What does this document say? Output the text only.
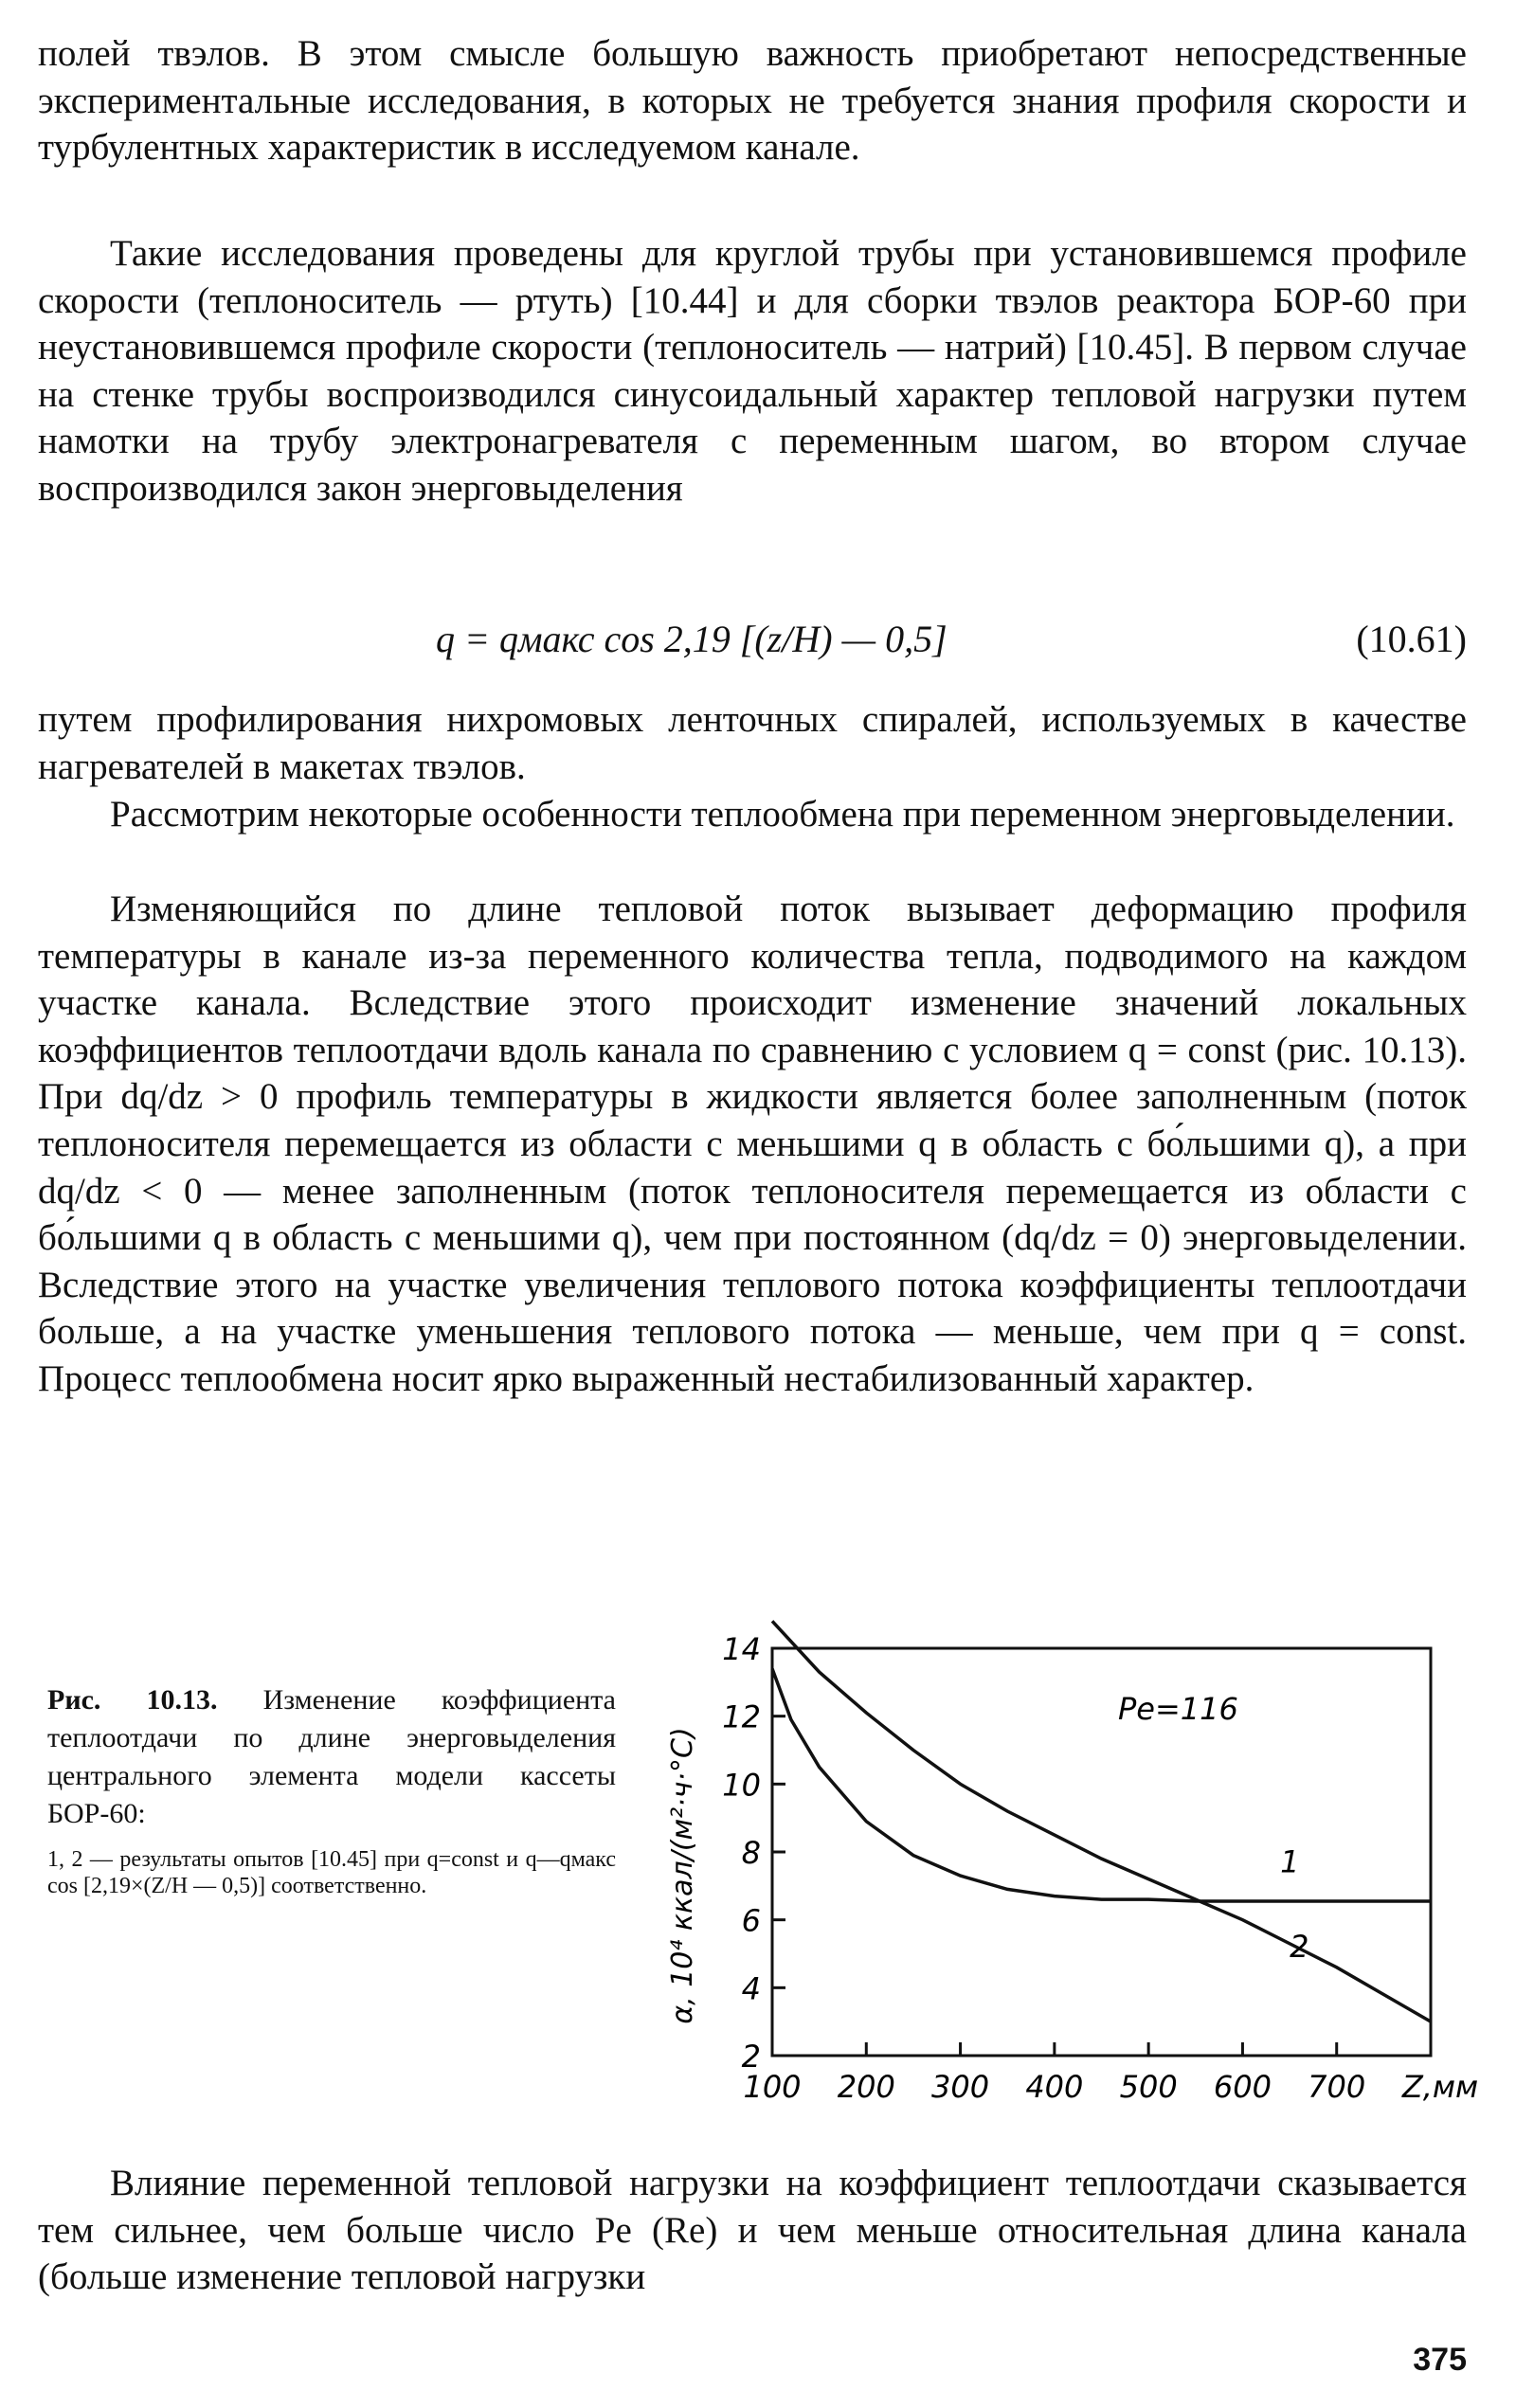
полей твэлов. В этом смысле большую важность приобретают непосредственные экспериментальные исследования, в которых не требуется знания профиля скорости и турбулентных характеристик в исследуемом канале.

Такие исследования проведены для круглой трубы при установившемся профиле скорости (теплоноситель — ртуть) [10.44] и для сборки твэлов реактора БОР-60 при неустановившемся профиле скорости (теплоноситель — натрий) [10.45]. В первом случае на стенке трубы воспроизводился синусоидальный характер тепловой нагрузки путем намотки на трубу электронагревателя с переменным шагом, во втором случае воспроизводился закон энерговыделения

q = qмакс cos 2,19 [(z/H) — 0,5]	(10.61)

путем профилирования нихромовых ленточных спиралей, используемых в качестве нагревателей в макетах твэлов.

Рассмотрим некоторые особенности теплообмена при переменном энерговыделении.

Изменяющийся по длине тепловой поток вызывает деформацию профиля температуры в канале из-за переменного количества тепла, подводимого на каждом участке канала. Вследствие этого происходит изменение значений локальных коэффициентов теплоотдачи вдоль канала по сравнению с условием q = const (рис. 10.13). При dq/dz > 0 профиль температуры в жидкости является более заполненным (поток теплоносителя перемещается из области с меньшими q в область с бо́льшими q), а при dq/dz < 0 — менее заполненным (поток теплоносителя перемещается из области с бо́льшими q в область с меньшими q), чем при постоянном (dq/dz = 0) энерговыделении. Вследствие этого на участке увеличения теплового потока коэффициенты теплоотдачи больше, а на участке уменьшения теплового потока — меньше, чем при q = const. Процесс теплообмена носит ярко выраженный нестабилизованный характер.

Рис. 10.13. Изменение коэффициента теплоотдачи по длине энерговыделения центрального элемента модели кассеты БОР-60:
1, 2 — результаты опытов [10.45] при q=const и q—qмакс cos [2,19×(Z/H — 0,5)] соответственно.	α, 10⁴ ккал/(м²·ч·°C)
Pe=116
2
4
6
8
10
12
14
100 200 300 400 500 600 700 Z,мм
1
2

Влияние переменной тепловой нагрузки на коэффициент теплоотдачи сказывается тем сильнее, чем больше число Pe (Re) и чем меньше относительная длина канала (больше изменение тепловой нагрузки

375
